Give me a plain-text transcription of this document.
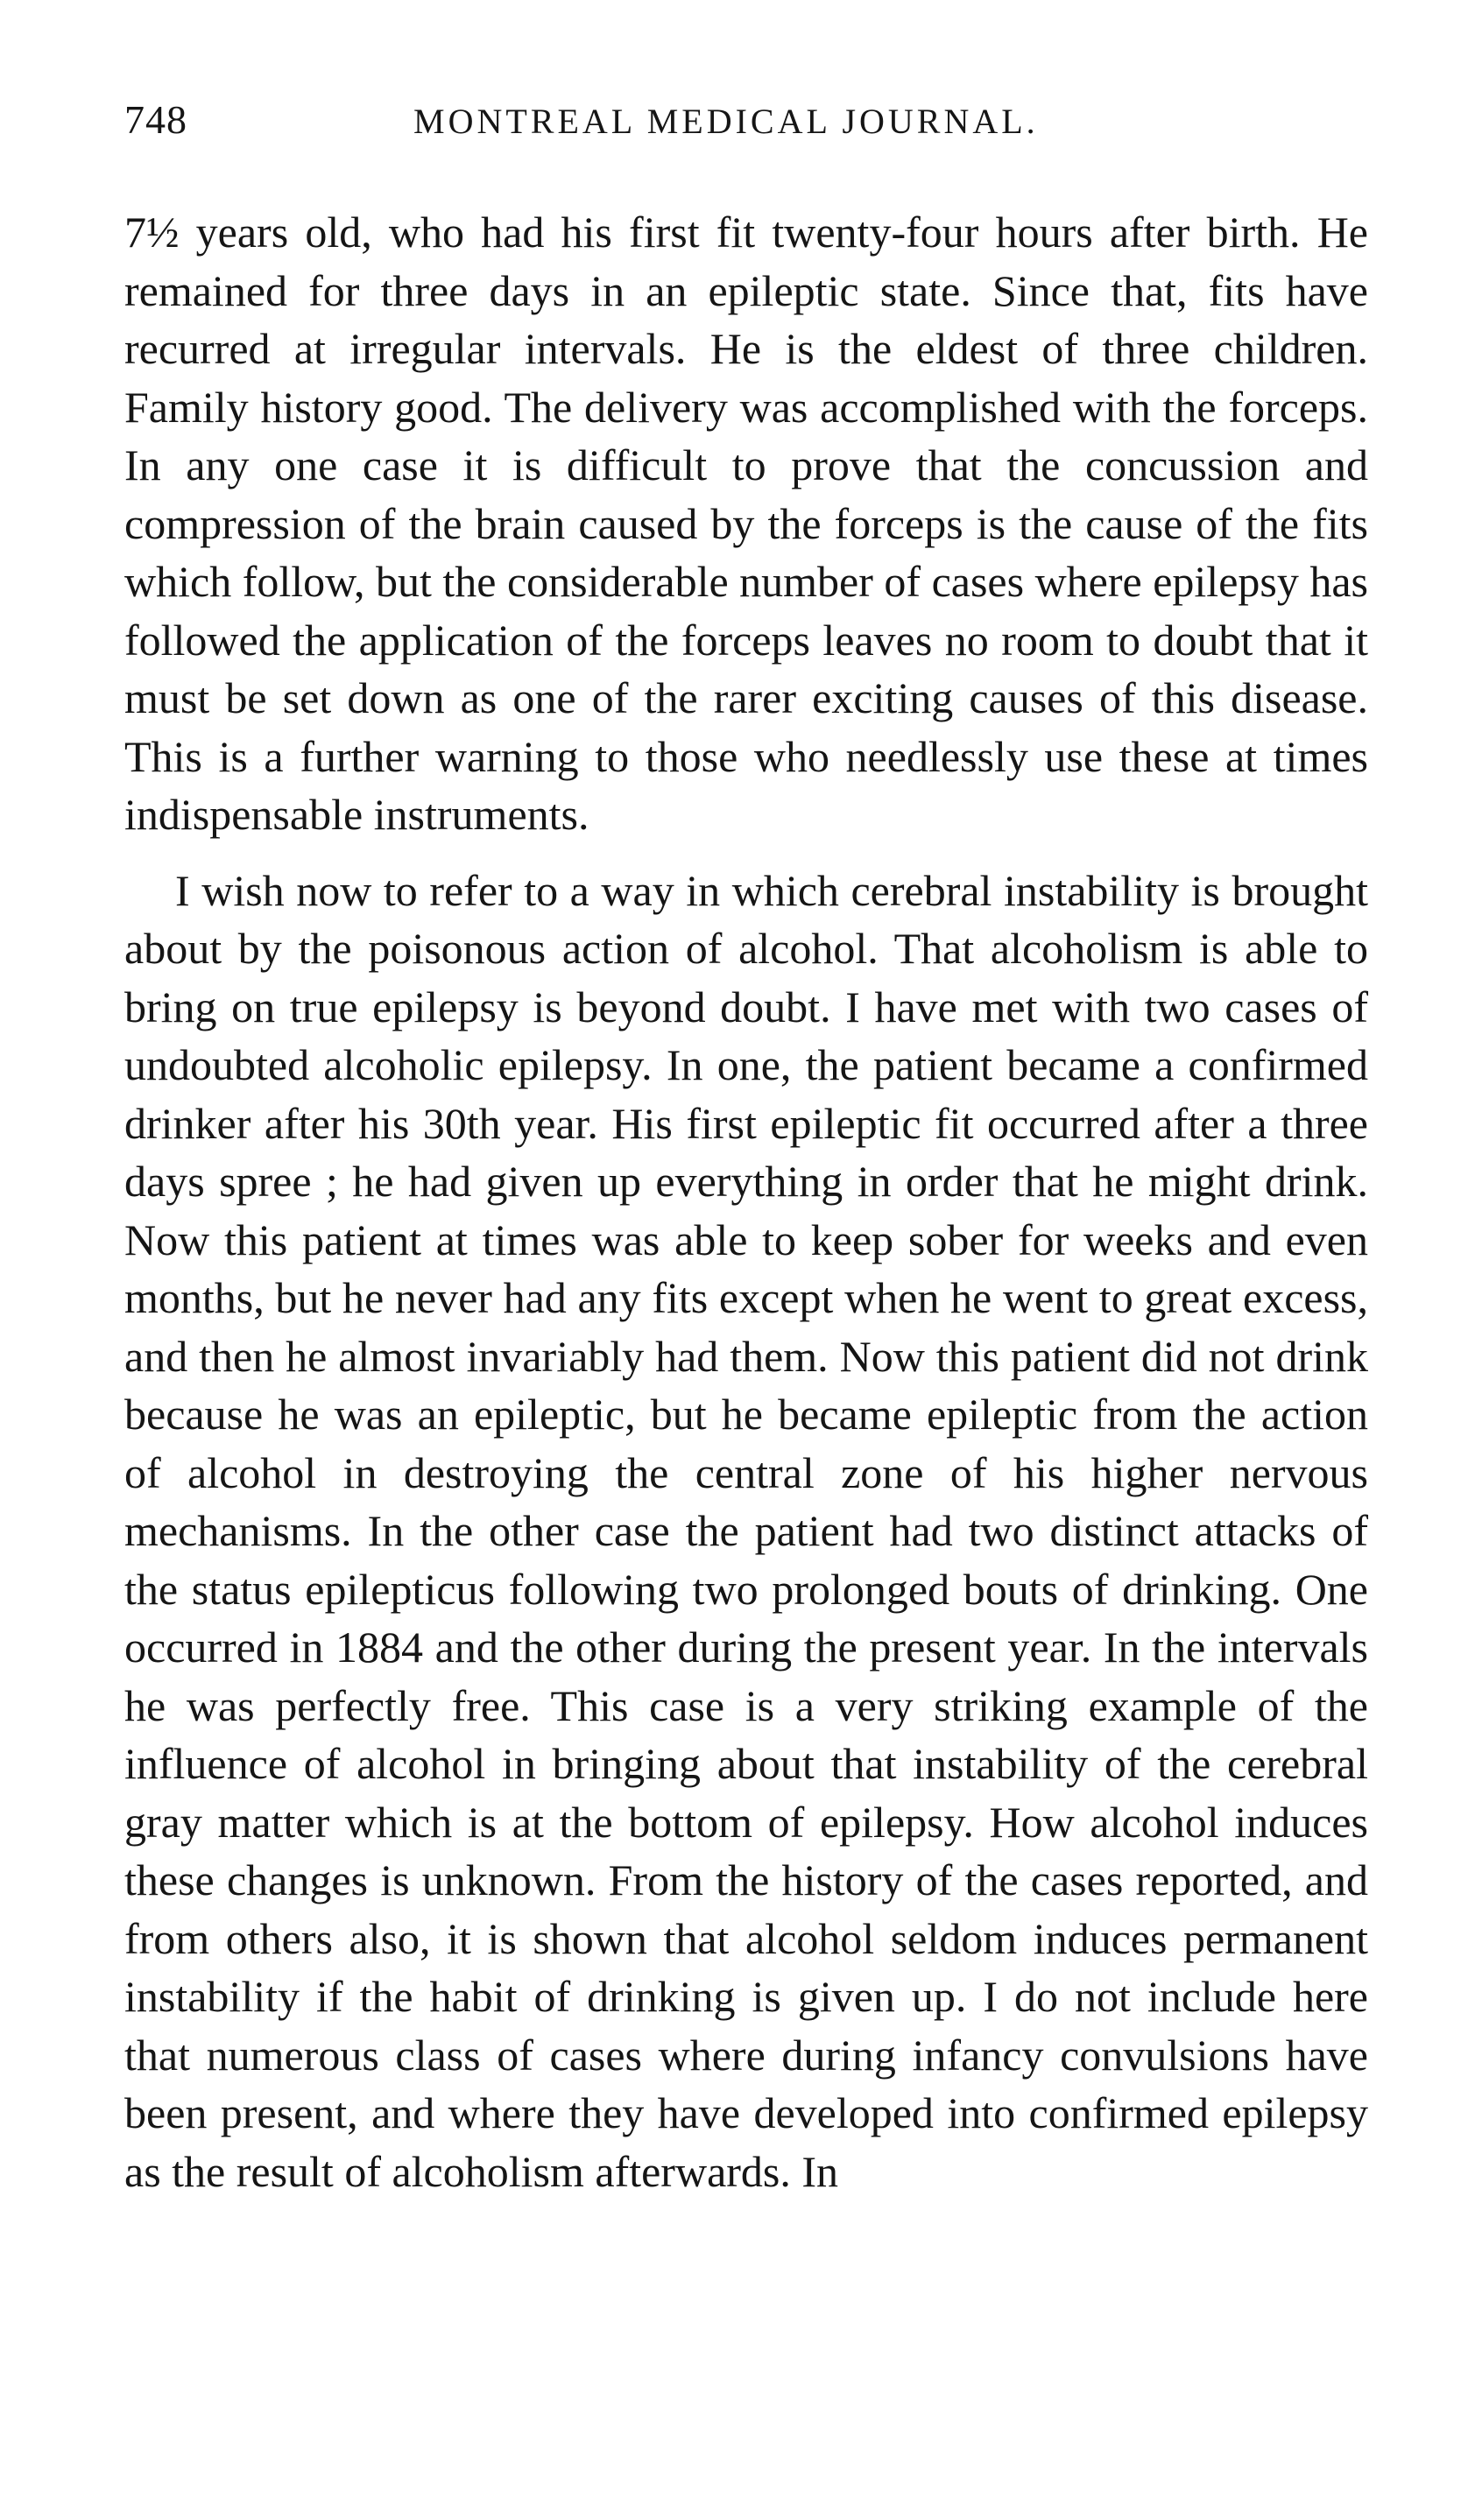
748	MONTREAL MEDICAL JOURNAL.

7½ years old, who had his first fit twenty-four hours after birth. He remained for three days in an epileptic state. Since that, fits have recurred at irregular intervals. He is the eldest of three children. Family history good. The delivery was accomplished with the forceps. In any one case it is difficult to prove that the concussion and compression of the brain caused by the forceps is the cause of the fits which follow, but the considerable number of cases where epilepsy has followed the application of the forceps leaves no room to doubt that it must be set down as one of the rarer exciting causes of this disease. This is a further warning to those who needlessly use these at times indispensable instruments.

I wish now to refer to a way in which cerebral instability is brought about by the poisonous action of alcohol. That alcoholism is able to bring on true epilepsy is beyond doubt. I have met with two cases of undoubted alcoholic epilepsy. In one, the patient became a confirmed drinker after his 30th year. His first epileptic fit occurred after a three days spree ; he had given up everything in order that he might drink. Now this patient at times was able to keep sober for weeks and even months, but he never had any fits except when he went to great excess, and then he almost invariably had them. Now this patient did not drink because he was an epileptic, but he became epileptic from the action of alcohol in destroying the central zone of his higher nervous mechanisms. In the other case the patient had two distinct attacks of the status epilepticus following two prolonged bouts of drinking. One occurred in 1884 and the other during the present year. In the intervals he was perfectly free. This case is a very striking example of the influence of alcohol in bringing about that instability of the cerebral gray matter which is at the bottom of epilepsy. How alcohol induces these changes is unknown. From the history of the cases reported, and from others also, it is shown that alcohol seldom induces permanent instability if the habit of drinking is given up. I do not include here that numerous class of cases where during infancy convulsions have been present, and where they have developed into confirmed epilepsy as the result of alcoholism afterwards. In
